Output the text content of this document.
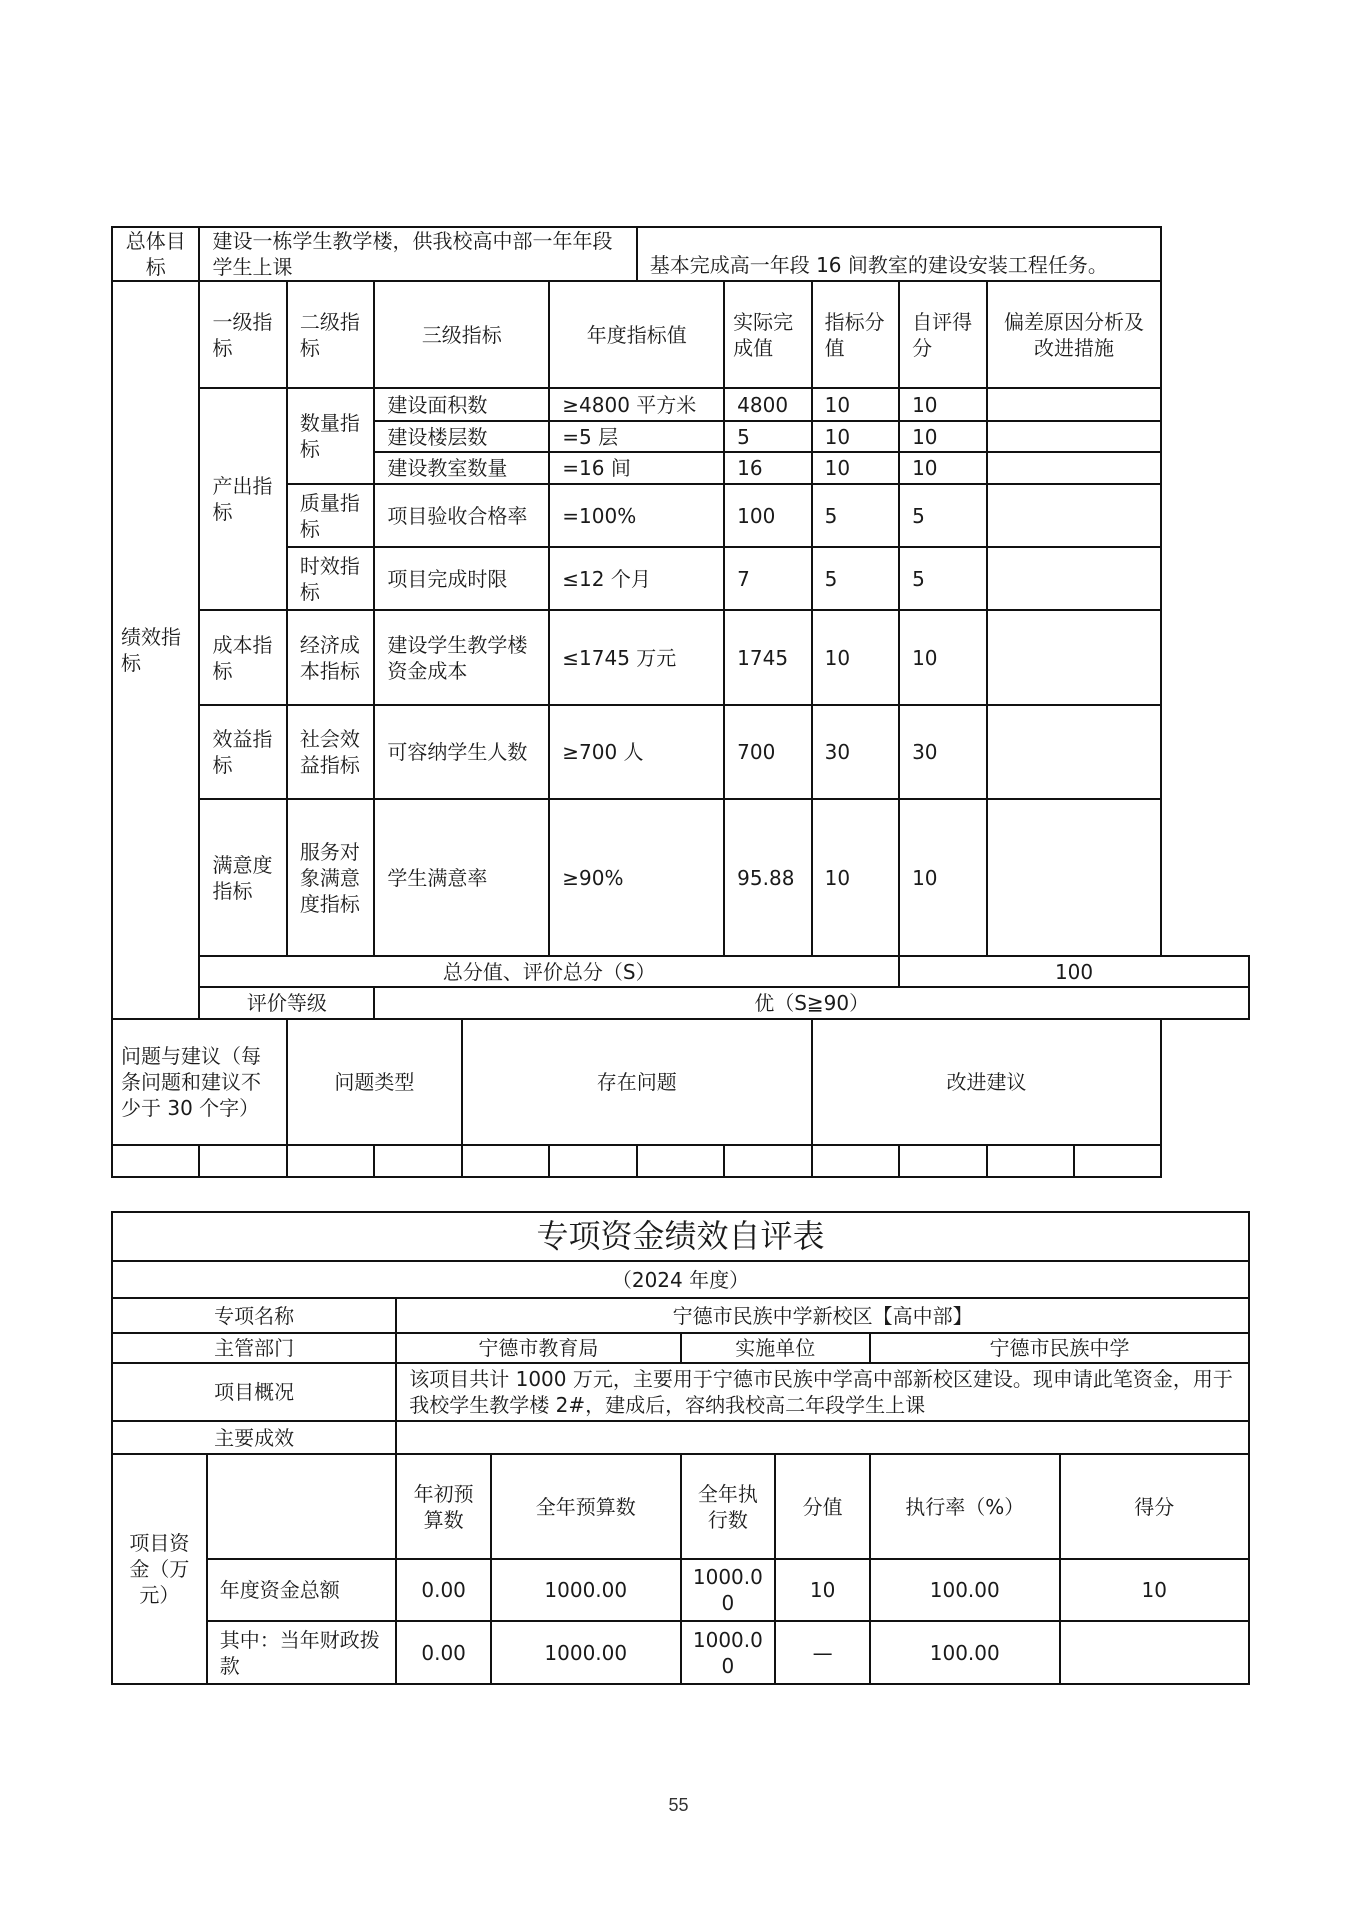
总体目标	建设一栋学生教学楼，供我校高中部一年年段学生上课					基本完成高一年段 16 间教室的建设安装工程任务。					
绩效指标	一级指标	二级指标	三级指标		年度指标值		实际完成值	指标分值	自评得分	偏差原因分析及改进措施	
	产出指标	数量指标	建设面积数		≥4800 平方米		4800	10	10		
			建设楼层数		=5 层		5	10	10		
			建设教室数量		=16 间		16	10	10		
		质量指标	项目验收合格率		=100%		100	5	5		
		时效指标	项目完成时限		≤12 个月		7	5	5		
	成本指标	经济成本指标	建设学生教学楼资金成本		≤1745 万元		1745	10	10		
	效益指标	社会效益指标	可容纳学生人数		≥700 人		700	30	30		
	满意度指标	服务对象满意度指标	学生满意率		≥90%		95.88	10	10		
	总分值、评价总分（S）								100		
	评价等级		优（S≧90）								
问题与建议（每条问题和建议不少于 30 个字）		问题类型		存在问题				改进建议			

专项资金绩效自评表							
（2024 年度）							
专项名称		宁德市民族中学新校区【高中部】					
主管部门		宁德市教育局		实施单位		宁德市民族中学	
项目概况		该项目共计 1000 万元，主要用于宁德市民族中学高中部新校区建设。现申请此笔资金，用于我校学生教学楼 2#，建成后，容纳我校高二年段学生上课					
主要成效							
项目资金（万元）		年初预算数	全年预算数	全年执行数	分值	执行率（%）	得分
	年度资金总额	0.00	1000.00	1000.00	10	100.00	10
	其中：当年财政拨款	0.00	1000.00	1000.00	—	100.00	
55
